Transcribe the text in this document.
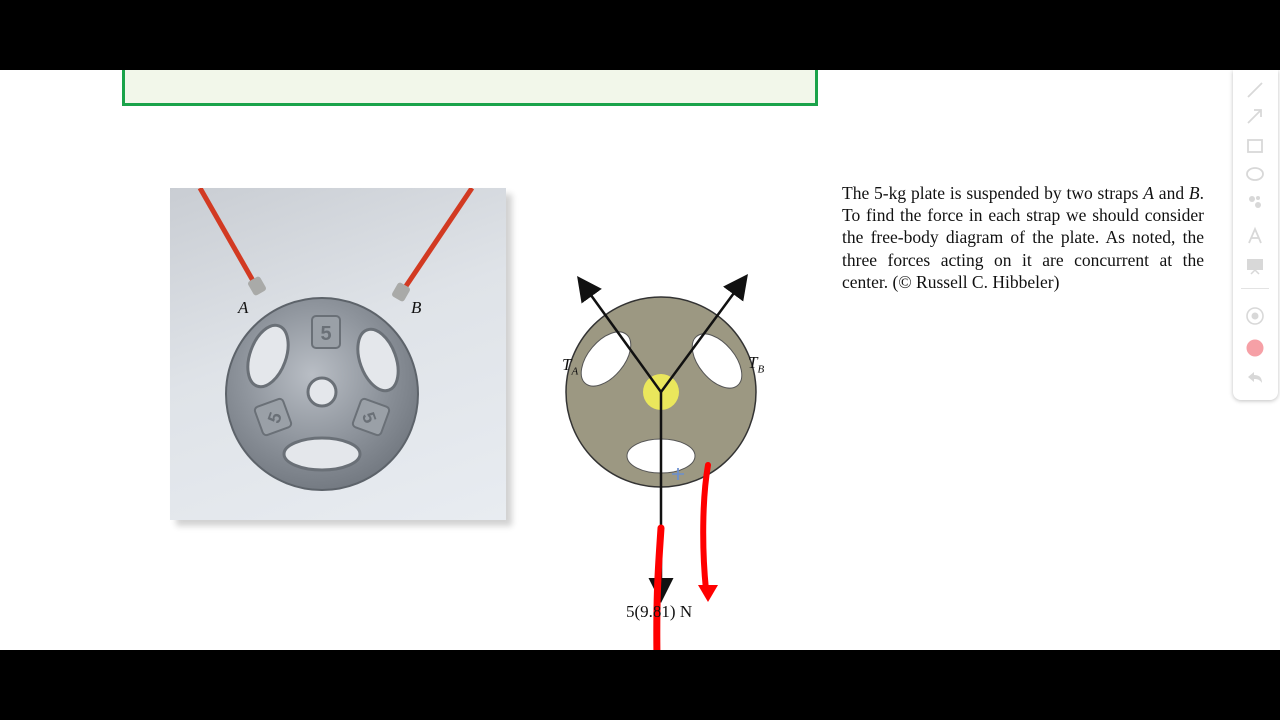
5
5	5
A	B
$T_A$	$T_B$
5(9.81) N
The 5-kg plate is suspended by two straps A and B. To find the force in each strap we should consider the free-body diagram of the plate. As noted, the three forces acting on it are concurrent at the center. (© Russell C. Hibbeler)
